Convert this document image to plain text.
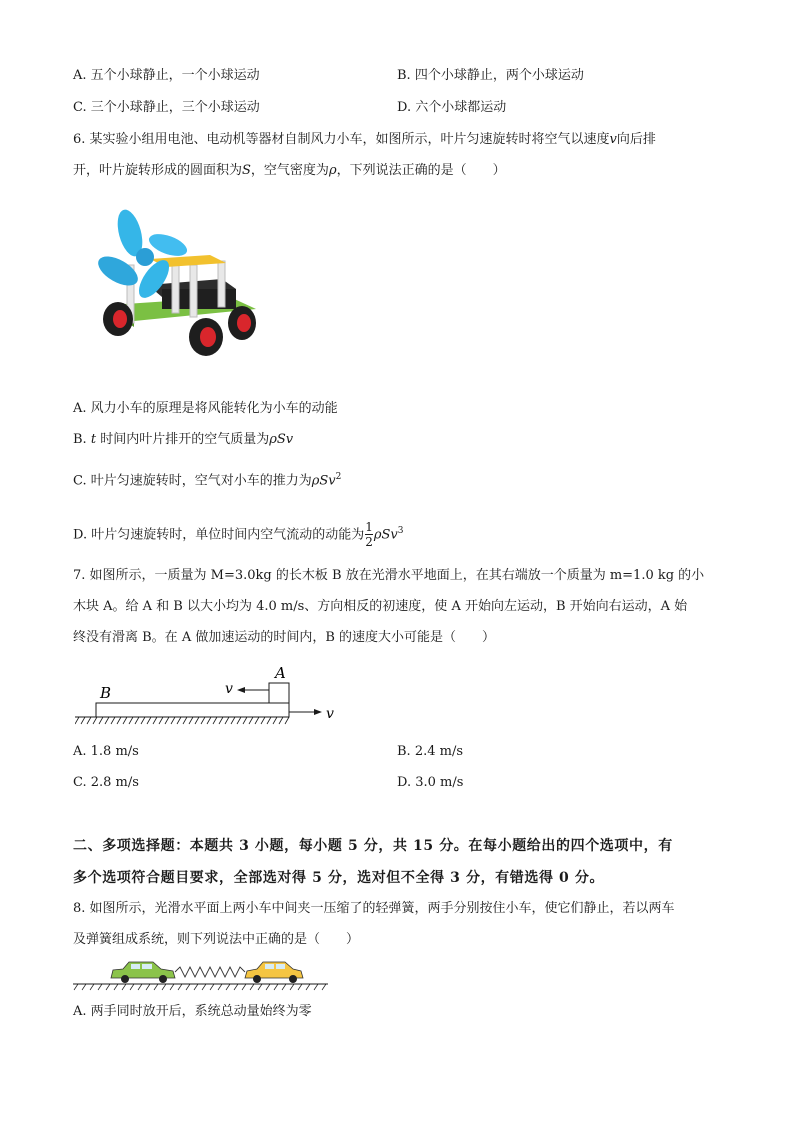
A. 五个小球静止，一个小球运动	B. 四个小球静止，两个小球运动
C. 三个小球静止，三个小球运动	D. 六个小球都运动
6. 某实验小组用电池、电动机等器材自制风力小车，如图所示，叶片匀速旋转时将空气以速度v向后排
开，叶片旋转形成的圆面积为S，空气密度为ρ，下列说法正确的是（　　）
A. 风力小车的原理是将风能转化为小车的动能
B. t 时间内叶片排开的空气质量为ρSv
C. 叶片匀速旋转时，空气对小车的推力为ρSv$^2$
D. 叶片匀速旋转时，单位时间内空气流动的动能为 $\frac{1}{2} \rho Sv^3$
7. 如图所示，一质量为 M=3.0kg 的长木板 B 放在光滑水平地面上，在其右端放一个质量为 m=1.0 kg 的小
木块 A。给 A 和 B 以大小均为 4.0 m/s、方向相反的初速度，使 A 开始向左运动，B 开始向右运动，A 始
终没有滑离 B。在 A 做加速运动的时间内，B 的速度大小可能是（　　）
B
A
v
v
A. 1.8 m/s	B. 2.4 m/s
C. 2.8 m/s	D. 3.0 m/s
二、多项选择题：本题共 3 小题，每小题 5 分，共 15 分。在每小题给出的四个选项中，有
多个选项符合题目要求，全部选对得 5 分，选对但不全得 3 分，有错选得 0 分。
8. 如图所示，光滑水平面上两小车中间夹一压缩了的轻弹簧，两手分别按住小车，使它们静止，若以两车
及弹簧组成系统，则下列说法中正确的是（　　）
A. 两手同时放开后，系统总动量始终为零
